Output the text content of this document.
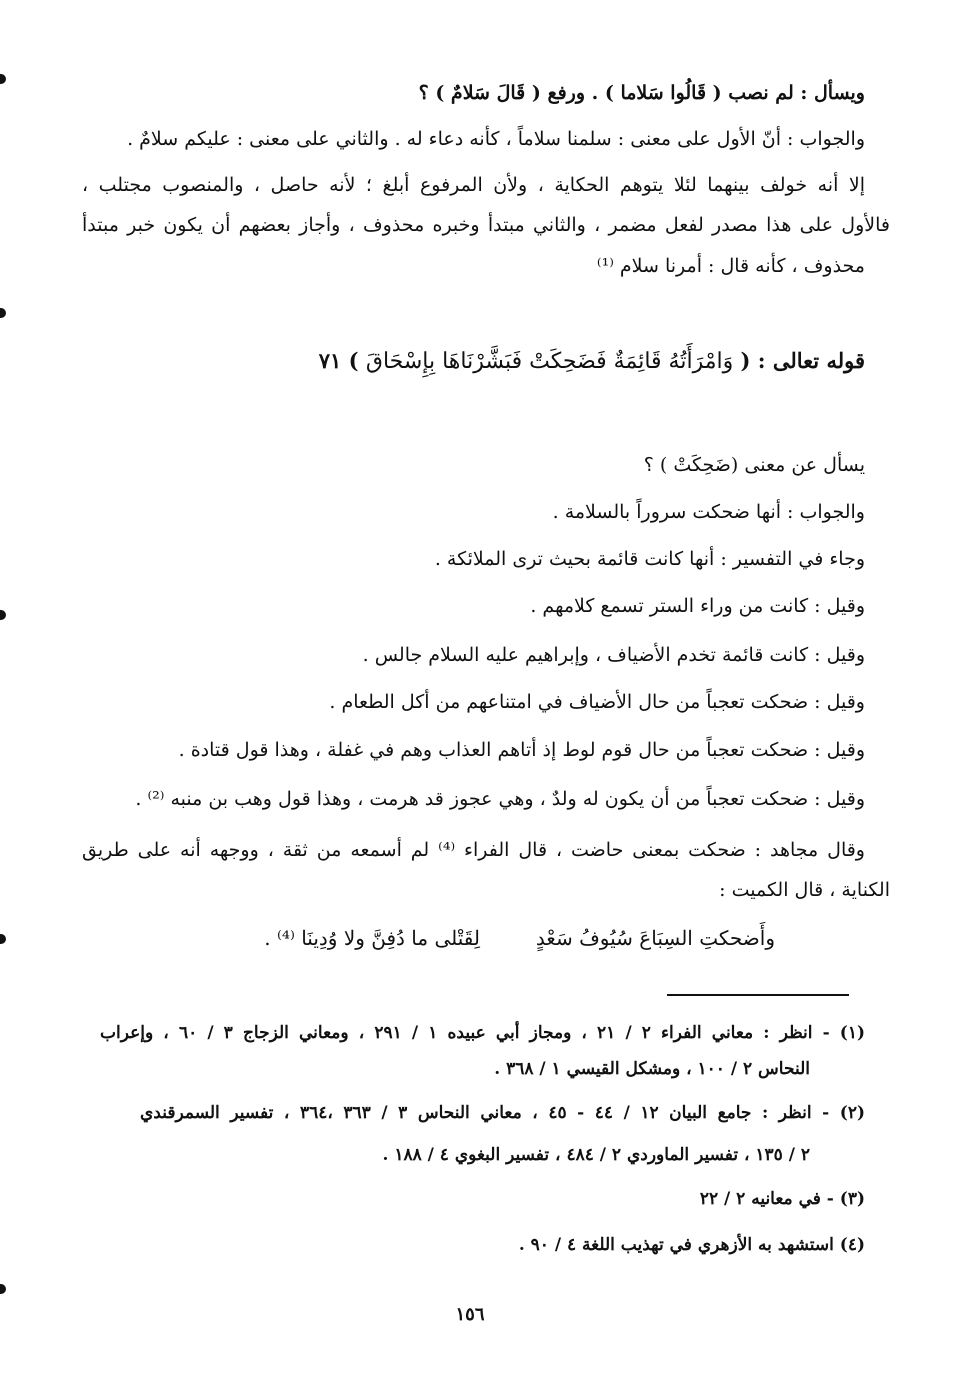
ويسأل : لم نصب ( قَالُوا سَلاما ) . ورفع ( قَالَ سَلامٌ ) ؟
والجواب : أنّ الأول على معنى : سلمنا سلاماً ، كأنه دعاء له . والثاني على معنى : عليكم سلامٌ .
إلا أنه خولف بينهما لئلا يتوهم الحكاية ، ولأن المرفوع أبلغ ؛ لأنه حاصل ، والمنصوب مجتلب ،
فالأول على هذا مصدر لفعل مضمر ، والثاني مبتدأ وخبره محذوف ، وأجاز بعضهم أن يكون خبر مبتدأ
محذوف ، كأنه قال : أمرنا سلام ⁽¹⁾
قوله تعالى : ( وَامْرَأَتُهُ قَائِمَةٌ فَضَحِكَتْ فَبَشَّرْنَاهَا بِإِسْحَاقَ ) ٧١
يسأل عن معنى (ضَحِكَتْ ) ؟
والجواب : أنها ضحكت سروراً بالسلامة .
وجاء في التفسير : أنها كانت قائمة بحيث ترى الملائكة .
وقيل : كانت من وراء الستر تسمع كلامهم .
وقيل : كانت قائمة تخدم الأضياف ، وإبراهيم عليه السلام جالس .
وقيل : ضحكت تعجباً من حال الأضياف في امتناعهم من أكل الطعام .
وقيل : ضحكت تعجباً من حال قوم لوط إذ أتاهم العذاب وهم في غفلة ، وهذا قول قتادة .
وقيل : ضحكت تعجباً من أن يكون له ولدٌ ، وهي عجوز قد هرمت ، وهذا قول وهب بن منبه ⁽²⁾ .
وقال مجاهد : ضحكت بمعنى حاضت ، قال الفراء ⁽⁴⁾ لم أسمعه من ثقة ، ووجهه أنه على طريق
الكناية ، قال الكميت :
وأَضحكتِ السِبَاعَ سُيُوفُ سَعْدٍ
لِقَتْلى ما دُفِنَّ ولا وُدِينَا ⁽⁴⁾ .
(١) - انظر : معاني الفراء ٢ / ٢١ ، ومجاز أبي عبيده ١ / ٢٩١ ، ومعاني الزجاج ٣ / ٦٠ ، وإعراب
النحاس ٢ / ١٠٠ ، ومشكل القيسي ١ / ٣٦٨ .
(٢) - انظر : جامع البيان ١٢ / ٤٤ - ٤٥ ، معاني النحاس ٣ / ٣٦٣ ،٣٦٤ ، تفسير السمرقندي
٢ / ١٣٥ ، تفسير الماوردي ٢ / ٤٨٤ ، تفسير البغوي ٤ / ١٨٨ .
(٣) - في معانيه ٢ / ٢٢
(٤) استشهد به الأزهري في تهذيب اللغة ٤ / ٩٠ .
١٥٦
